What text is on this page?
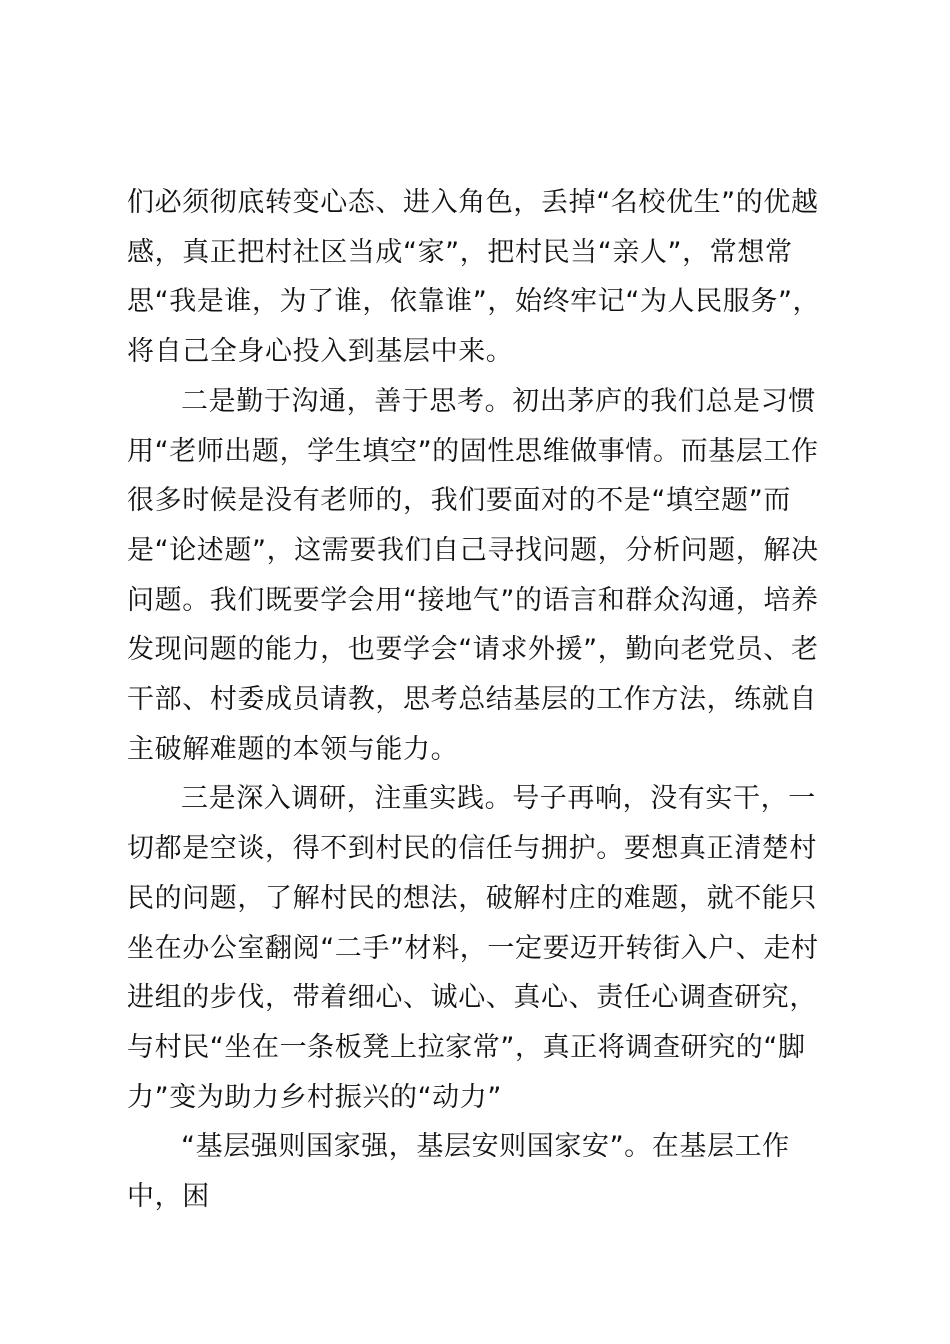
们必须彻底转变心态、进入角色，丢掉“名校优生”的优越感，真正把村社区当成“家”，把村民当“亲人”，常想常思“我是谁，为了谁，依靠谁”，始终牢记“为人民服务”，将自己全身心投入到基层中来。

二是勤于沟通，善于思考。初出茅庐的我们总是习惯用“老师出题，学生填空”的固性思维做事情。而基层工作很多时候是没有老师的，我们要面对的不是“填空题”而是“论述题”，这需要我们自己寻找问题，分析问题，解决问题。我们既要学会用“接地气”的语言和群众沟通，培养发现问题的能力，也要学会“请求外援”，勤向老党员、老干部、村委成员请教，思考总结基层的工作方法，练就自主破解难题的本领与能力。

三是深入调研，注重实践。号子再响，没有实干，一切都是空谈，得不到村民的信任与拥护。要想真正清楚村民的问题，了解村民的想法，破解村庄的难题，就不能只坐在办公室翻阅“二手”材料，一定要迈开转街入户、走村进组的步伐，带着细心、诚心、真心、责任心调查研究，与村民“坐在一条板凳上拉家常”，真正将调查研究的“脚力”变为助力乡村振兴的“动力”

“基层强则国家强，基层安则国家安”。在基层工作中，困
